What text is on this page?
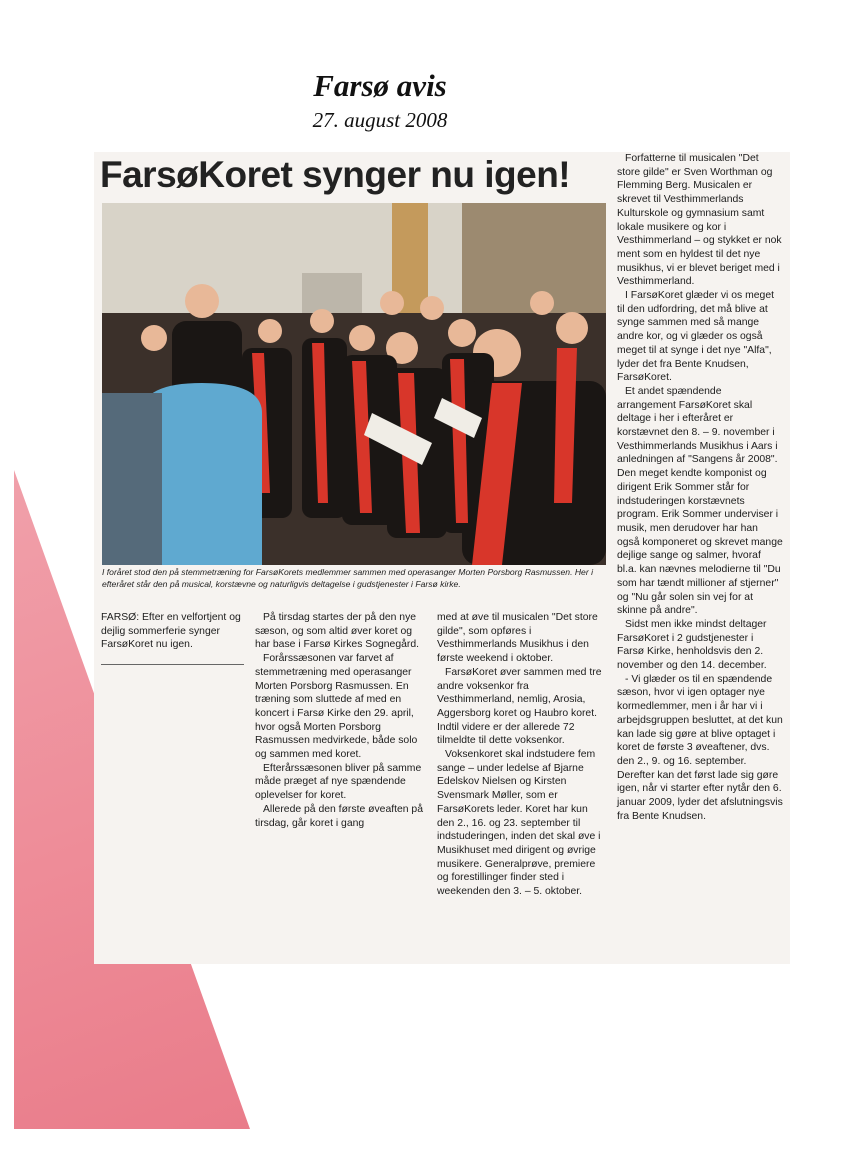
Farsø avis
27. august 2008
FarsøKoret synger nu igen!
I foråret stod den på stemmetræning for FarsøKorets medlemmer sammen med operasanger Morten Porsborg Rasmussen. Her i efteråret står den på musical, korstævne og naturligvis deltagelse i gudstjenester i Farsø kirke.

FARSØ: Efter en velfortjent og dejlig sommerferie synger FarsøKoret nu igen.

På tirsdag startes der på den nye sæson, og som altid øver koret og har base i Farsø Kirkes Sognegård.

Forårssæsonen var farvet af stemmetræning med operasanger Morten Porsborg Rasmussen. En træning som sluttede af med en koncert i Farsø Kirke den 29. april, hvor også Morten Porsborg Rasmussen medvirkede, både solo og sammen med koret.

Efterårssæsonen bliver på samme måde præget af nye spændende oplevelser for koret.

Allerede på den første øveaften på tirsdag, går koret i gang

med at øve til musicalen "Det store gilde", som opføres i Vesthimmerlands Musikhus i den første weekend i oktober.

FarsøKoret øver sammen med tre andre voksenkor fra Vesthimmerland, nemlig, Arosia, Aggersborg koret og Haubro koret. Indtil videre er der allerede 72 tilmeldte til dette voksenkor.

Voksenkoret skal indstudere fem sange – under ledelse af Bjarne Edelskov Nielsen og Kirsten Svensmark Møller, som er FarsøKorets leder. Koret har kun den 2., 16. og 23. september til indstuderingen, inden det skal øve i Musikhuset med dirigent og øvrige musikere. Generalprøve, premiere og forestillinger finder sted i weekenden den 3. – 5. oktober.

Forfatterne til musicalen "Det store gilde" er Sven Worthman og Flemming Berg. Musicalen er skrevet til Vesthimmerlands Kulturskole og gymnasium samt lokale musikere og kor i Vesthimmerland – og stykket er nok ment som en hyldest til det nye musikhus, vi er blevet beriget med i Vesthimmerland.

I FarsøKoret glæder vi os meget til den udfordring, det må blive at synge sammen med så mange andre kor, og vi glæder os også meget til at synge i det nye "Alfa", lyder det fra Bente Knudsen, FarsøKoret.

Et andet spændende arrangement FarsøKoret skal deltage i her i efteråret er korstævnet den 8. – 9. november i Vesthimmerlands Musikhus i Aars i anledningen af "Sangens år 2008". Den meget kendte komponist og dirigent Erik Sommer står for indstuderingen korstævnets program. Erik Sommer underviser i musik, men derudover har han også komponeret og skrevet mange dejlige sange og salmer, hvoraf bl.a. kan nævnes melodierne til "Du som har tændt millioner af stjerner" og "Nu går solen sin vej for at skinne på andre".

Sidst men ikke mindst deltager FarsøKoret i 2 gudstjenester i Farsø Kirke, henholdsvis den 2. november og den 14. december.

- Vi glæder os til en spændende sæson, hvor vi igen optager nye kormedlemmer, men i år har vi i arbejdsgruppen besluttet, at det kun kan lade sig gøre at blive optaget i koret de første 3 øveaftener, dvs. den 2., 9. og 16. september. Derefter kan det først lade sig gøre igen, når vi starter efter nytår den 6. januar 2009, lyder det afslutningsvis fra Bente Knudsen.
